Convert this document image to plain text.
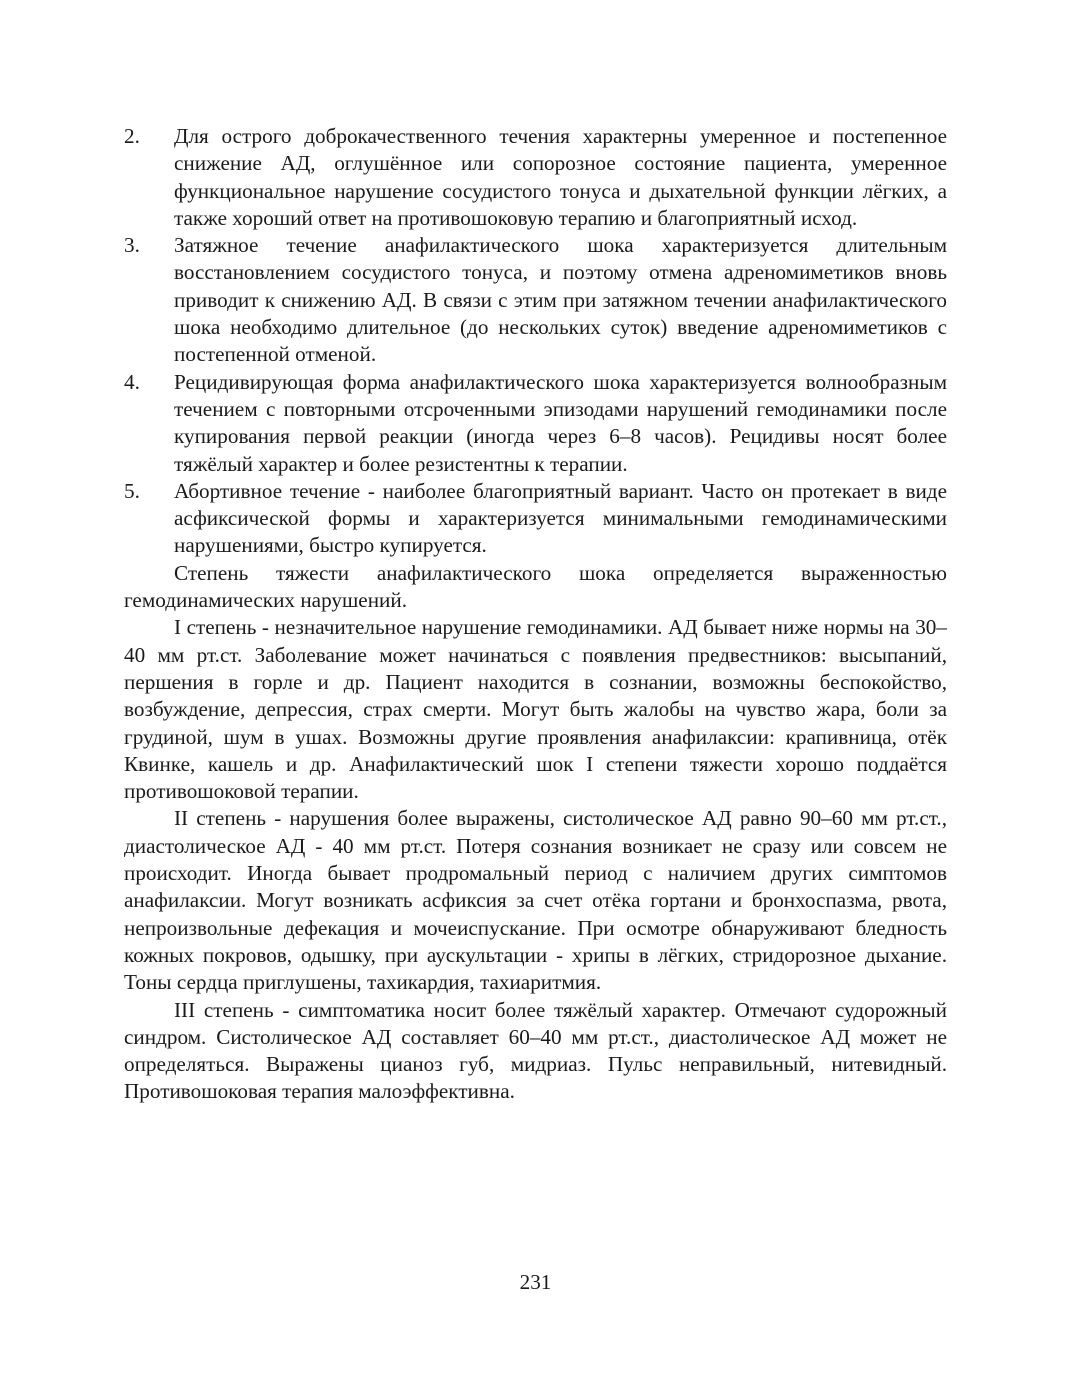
2.	Для острого доброкачественного течения характерны умеренное и постепенное снижение АД, оглушённое или сопорозное состояние пациента, умеренное функциональное нарушение сосудистого тонуса и дыхательной функции лёгких, а также хороший ответ на противошоковую терапию и благоприятный исход.
3.	Затяжное течение анафилактического шока характеризуется длительным восстановлением сосудистого тонуса, и поэтому отмена адреномиметиков вновь приводит к снижению АД. В связи с этим при затяжном течении анафилактического шока необходимо длительное (до нескольких суток) введение адреномиметиков с постепенной отменой.
4.	Рецидивирующая форма анафилактического шока характеризуется волнообразным течением с повторными отсроченными эпизодами нарушений гемодинамики после купирования первой реакции (иногда через 6–8 часов). Рецидивы носят более тяжёлый характер и более резистентны к терапии.
5.	Абортивное течение - наиболее благоприятный вариант. Часто он протекает в виде асфиксической формы и характеризуется минимальными гемодинамическими нарушениями, быстро купируется.

Степень тяжести анафилактического шока определяется выраженностью гемодинамических нарушений.

I степень - незначительное нарушение гемодинамики. АД бывает ниже нормы на 30–40 мм рт.ст. Заболевание может начинаться с появления предвестников: высыпаний, першения в горле и др. Пациент находится в сознании, возможны беспокойство, возбуждение, депрессия, страх смерти. Могут быть жалобы на чувство жара, боли за грудиной, шум в ушах. Возможны другие проявления анафилаксии: крапивница, отёк Квинке, кашель и др. Анафилактический шок I степени тяжести хорошо поддаётся противошоковой терапии.

II степень - нарушения более выражены, систолическое АД равно 90–60 мм рт.ст., диастолическое АД - 40 мм рт.ст. Потеря сознания возникает не сразу или совсем не происходит. Иногда бывает продромальный период с наличием других симптомов анафилаксии. Могут возникать асфиксия за счет отёка гортани и бронхоспазма, рвота, непроизвольные дефекация и мочеиспускание. При осмотре обнаруживают бледность кожных покровов, одышку, при аускультации - хрипы в лёгких, стридорозное дыхание. Тоны сердца приглушены, тахикардия, тахиаритмия.

III степень - симптоматика носит более тяжёлый характер. Отмечают судорожный синдром. Систолическое АД составляет 60–40 мм рт.ст., диастолическое АД может не определяться. Выражены цианоз губ, мидриаз. Пульс неправильный, нитевидный. Противошоковая терапия малоэффективна.

231
